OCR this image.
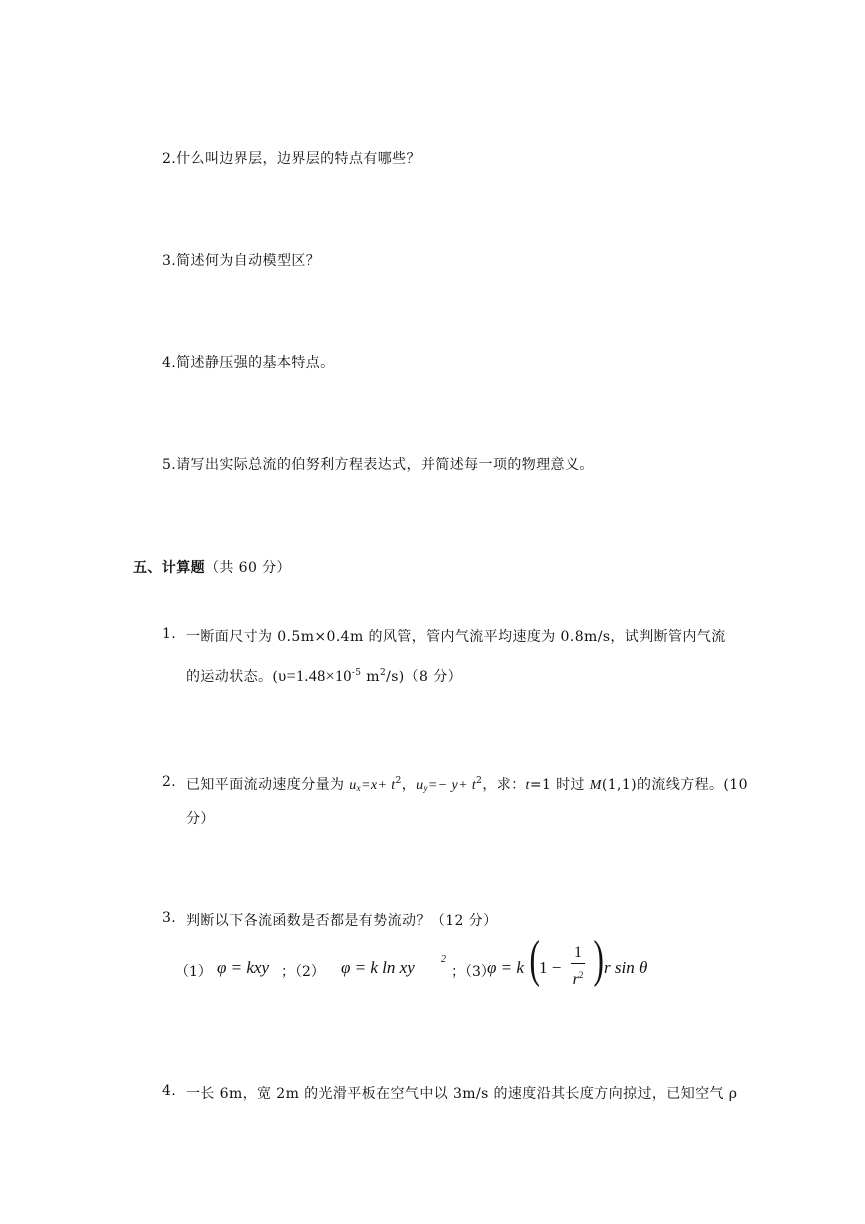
2.什么叫边界层，边界层的特点有哪些？
3.简述何为自动模型区？
4.简述静压强的基本特点。
5.请写出实际总流的伯努利方程表达式，并简述每一项的物理意义。
五、计算题（共 60 分）
1. 一断面尺寸为 0.5m×0.4m 的风管，管内气流平均速度为 0.8m/s，试判断管内气流
的运动状态。($\upsilon=1.48\times 10^{-5}$ $m^2/s)(8$ 分）
2. 已知平面流动速度分量为 $u_x=x+ t^2$，$u_y=- y+ t^2$，求：t=1 时过 M(1,1)的流线方程。(10
分）
3. 判断以下各流函数是否都是有势流动？（12 分）
（1） φ = kxy ；（2） φ = k ln xy	2
；（3）
φ = k ( $1 - \frac{1}{r^2}$ ) r sin θ
4. 一长 6m，宽 2m 的光滑平板在空气中以 3m/s 的速度沿其长度方向掠过，已知空气 ρ
